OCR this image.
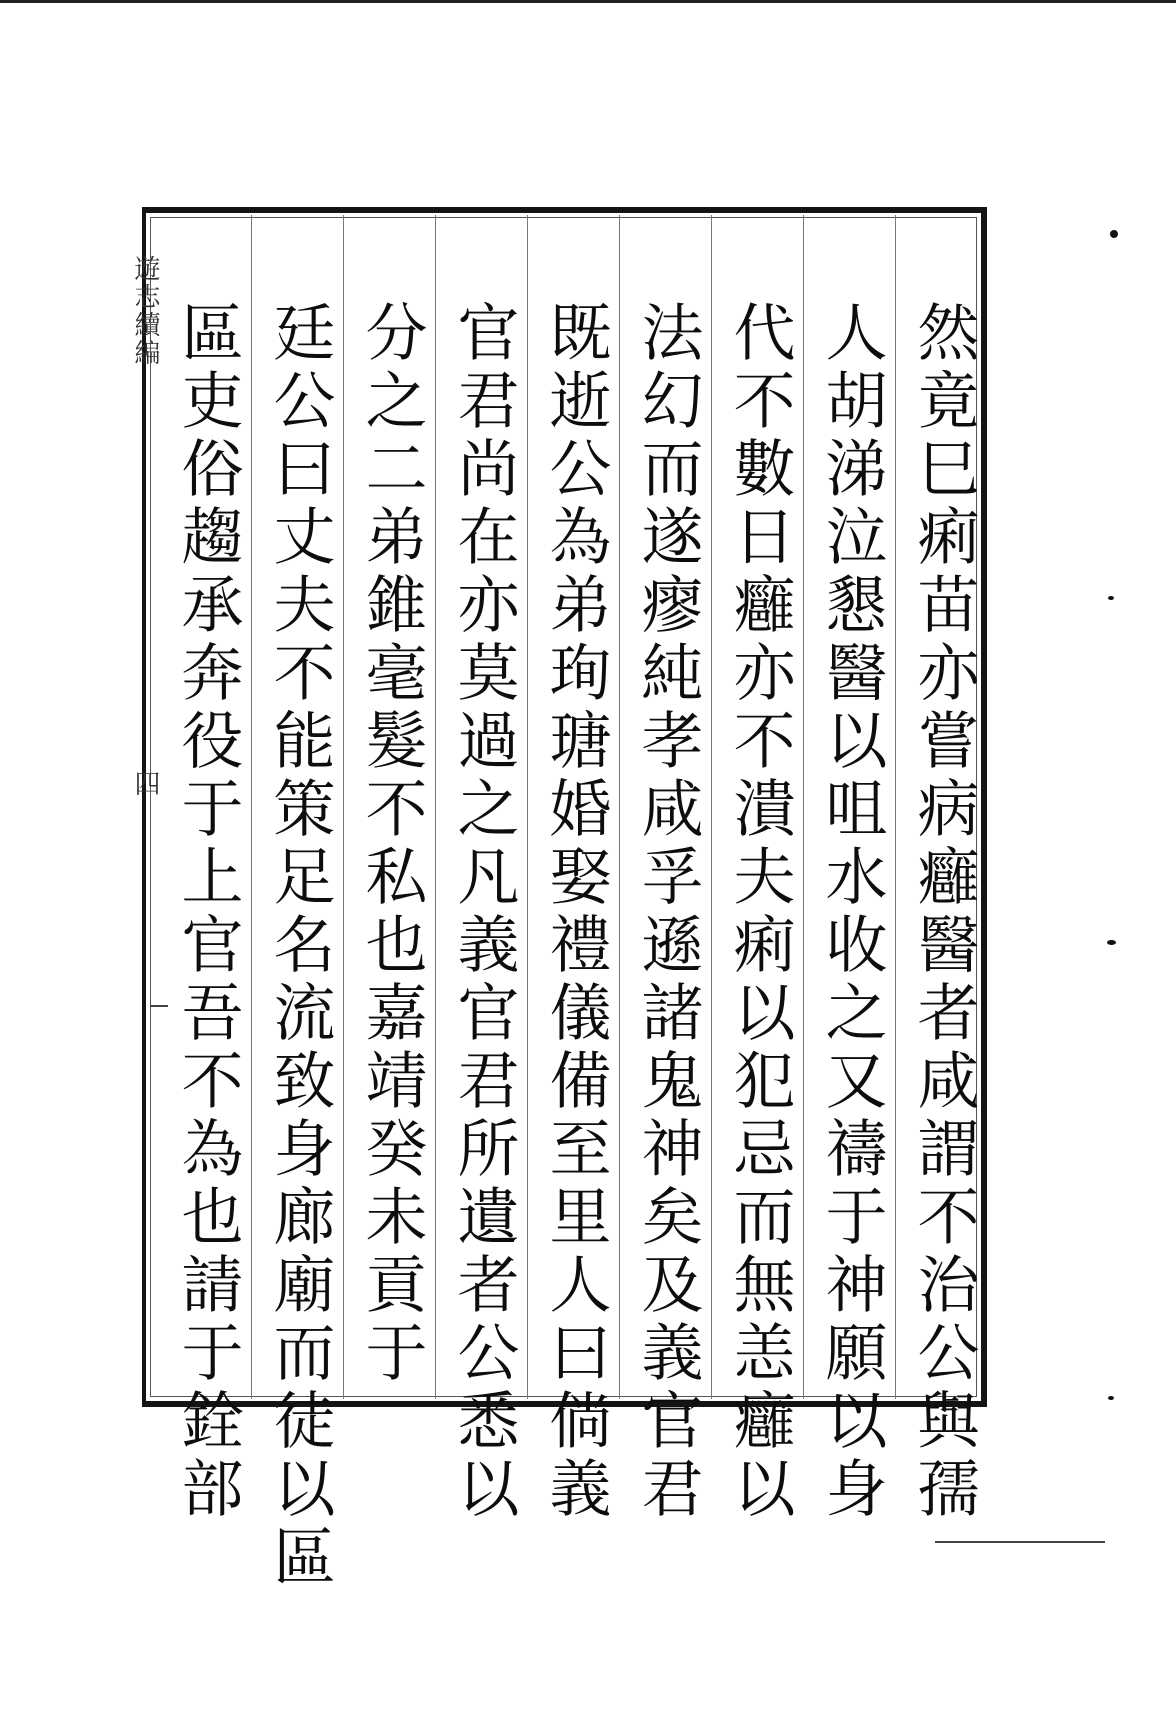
遊志續編
四	然竟巳痢苗亦嘗病癰醫者咸謂不治公與孺
人胡涕泣懇醫以咀水收之又禱于神願以身
代不數日癰亦不潰夫痢以犯忌而無恙癰以
法幻而遂瘳純孝咸孚遜諸鬼神矣及義官君
既逝公為弟珣瑭婚娶禮儀備至里人曰倘義
官君尚在亦莫過之凡義官君所遺者公悉以
分之二弟錐毫髮不私也嘉靖癸未貢于
廷公曰丈夫不能策足名流致身廊廟而徒以區
區吏俗趨承奔役于上官吾不為也請于銓部
